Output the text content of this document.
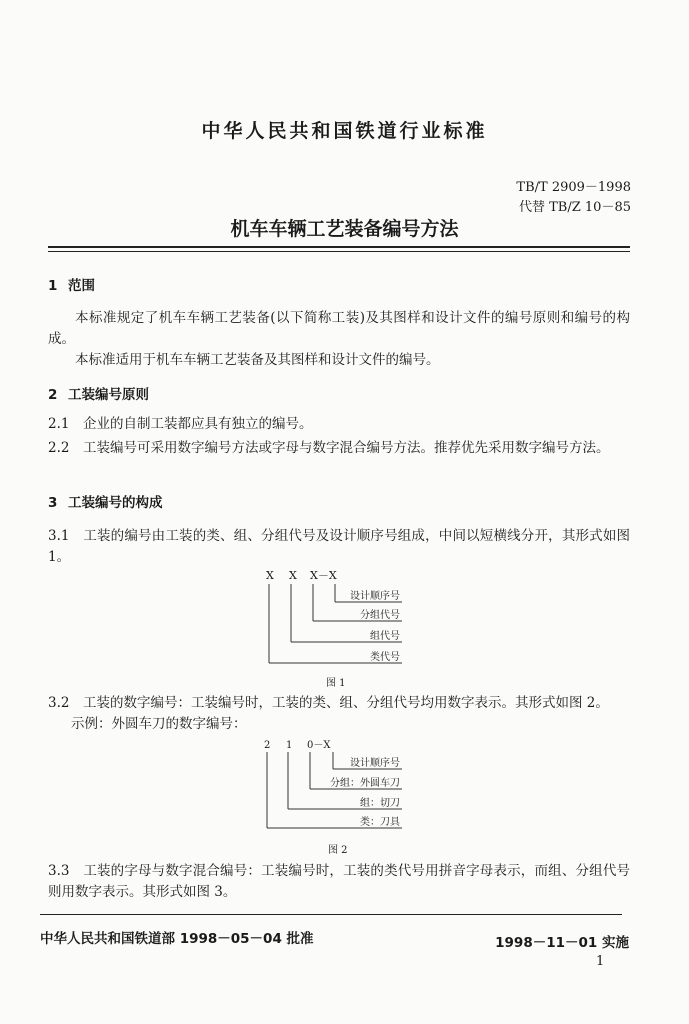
中华人民共和国铁道行业标准
TB/T 2909－1998
代替 TB/Z 10－85
机车车辆工艺装备编号方法
1 范围
本标准规定了机车车辆工艺装备(以下简称工装)及其图样和设计文件的编号原则和编号的构成。
本标准适用于机车车辆工艺装备及其图样和设计文件的编号。
2 工装编号原则
2.1　 企业的自制工装都应具有独立的编号。
2.2　 工装编号可采用数字编号方法或字母与数字混合编号方法。推荐优先采用数字编号方法。
3 工装编号的构成
3.1　 工装的编号由工装的类、组、分组代号及设计顺序号组成，中间以短横线分开，其形式如图1。
X X X－X
设计顺序号
分组代号
组代号
类代号
图 1
3.2　 工装的数字编号：工装编号时，工装的类、组、分组代号均用数字表示。其形式如图 2。
示例：外圆车刀的数字编号：
2 1 0－X
设计顺序号
分组：外圆车刀
组：切刀
类：刀具
图 2
3.3　 工装的字母与数字混合编号：工装编号时，工装的类代号用拼音字母表示，而组、分组代号则用数字表示。其形式如图 3。
中华人民共和国铁道部 1998－05－04 批准	1998－11－01 实施
1
